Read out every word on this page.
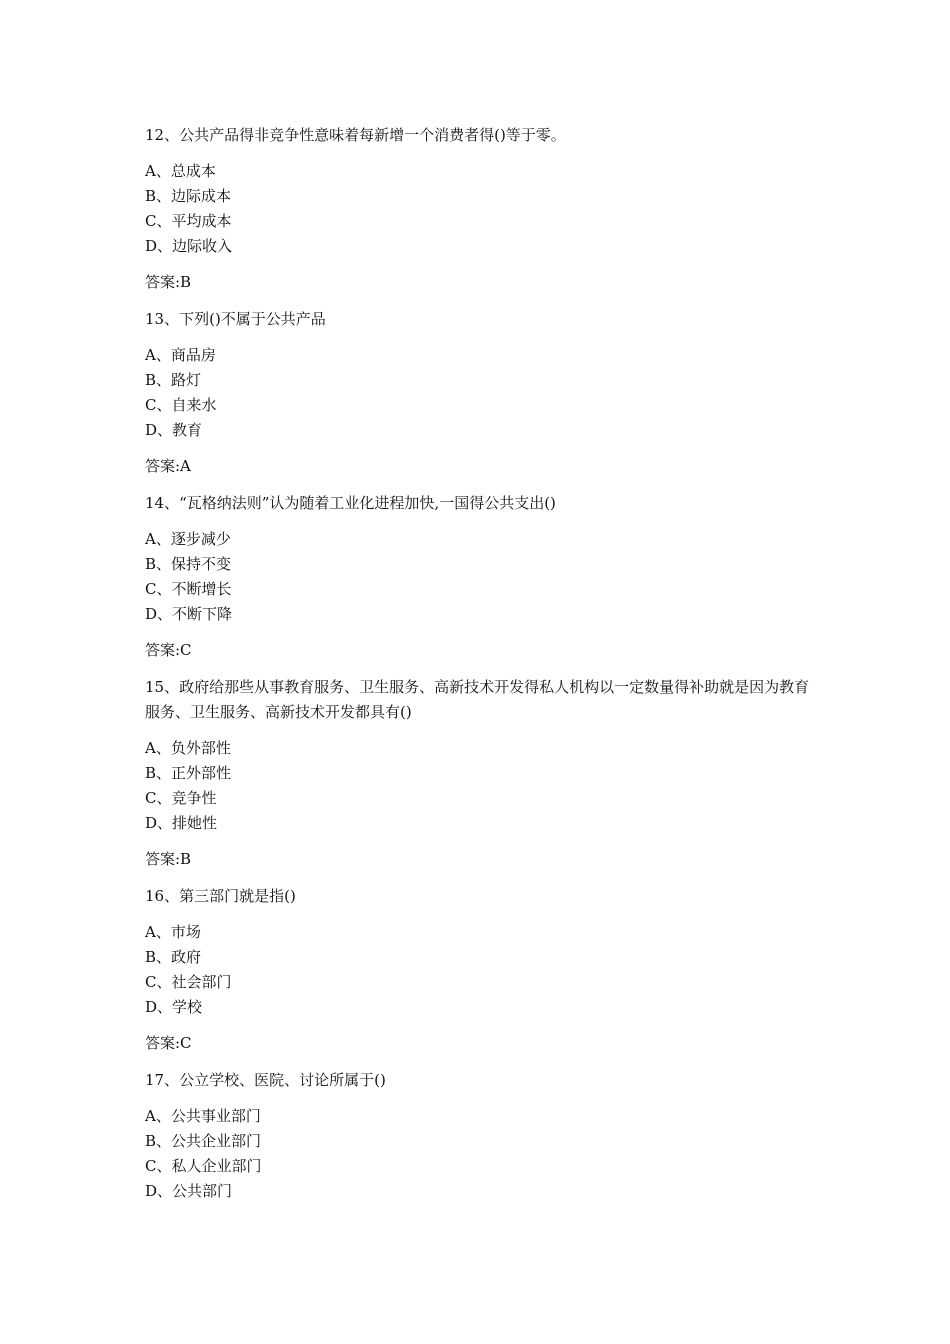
12、公共产品得非竞争性意味着每新增一个消费者得()等于零。
A、总成本
B、边际成本
C、平均成本
D、边际收入
答案:B
13、下列()不属于公共产品
A、商品房
B、路灯
C、自来水
D、教育
答案:A
14、“瓦格纳法则”认为随着工业化进程加快,一国得公共支出()
A、逐步减少
B、保持不变
C、不断增长
D、不断下降
答案:C
15、政府给那些从事教育服务、卫生服务、高新技术开发得私人机构以一定数量得补助就是因为教育服务、卫生服务、高新技术开发都具有()
A、负外部性
B、正外部性
C、竞争性
D、排她性
答案:B
16、第三部门就是指()
A、市场
B、政府
C、社会部门
D、学校
答案:C
17、公立学校、医院、讨论所属于()
A、公共事业部门
B、公共企业部门
C、私人企业部门
D、公共部门
